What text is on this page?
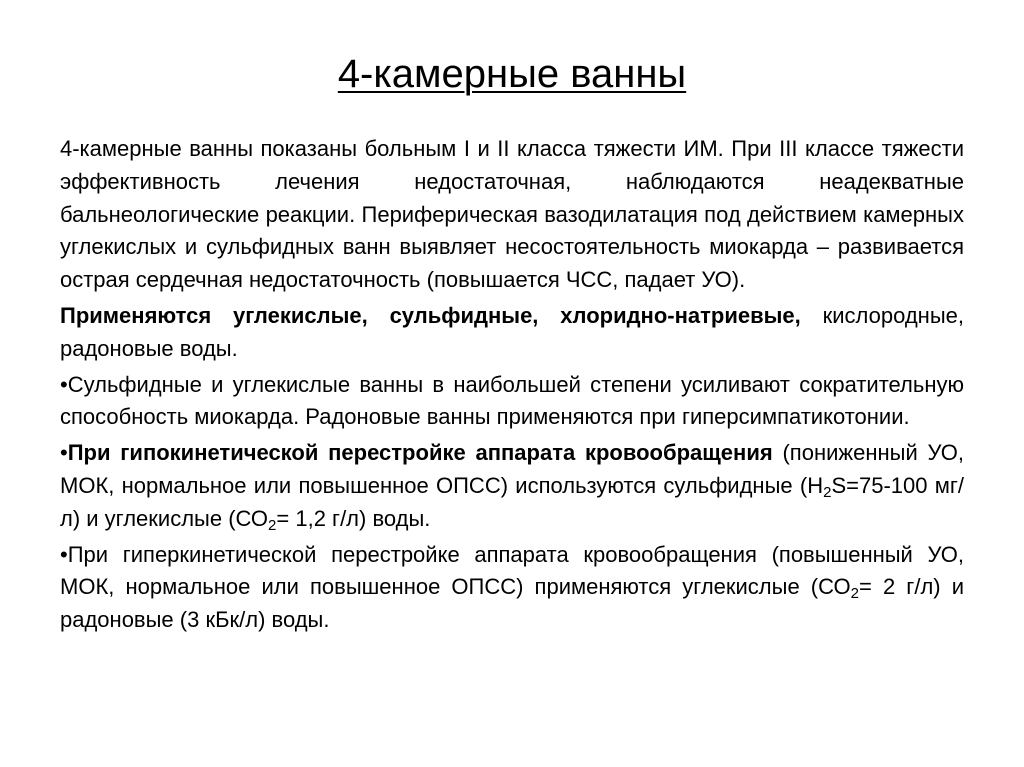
4-камерные ванны

4-камерные ванны показаны больным I и II класса тяжести ИМ. При III классе тяжести эффективность лечения недостаточная, наблюдаются неадекватные бальнеологические реакции. Периферическая вазодилатация под действием камерных углекислых и сульфидных ванн выявляет несостоятельность миокарда – развивается острая сердечная недостаточность (повышается ЧСС, падает УО).

Применяются углекислые, сульфидные, хлоридно-натриевые, кислородные, радоновые воды.

•Сульфидные и углекислые ванны в наибольшей степени усиливают сократительную способность миокарда. Радоновые ванны применяются при гиперсимпатикотонии.

•При гипокинетической перестройке аппарата кровообращения (пониженный УО, МОК, нормальное или повышенное ОПСС) используются сульфидные ($H_2S=75-100$ мг/л) и углекислые ($СО_2= 1,2$ г/л) воды.

•При гиперкинетической перестройке аппарата кровообращения (повышенный УО, МОК, нормальное или повышенное ОПСС) применяются углекислые ($СО_2= 2$ г/л) и радоновые (3 кБк/л) воды.
